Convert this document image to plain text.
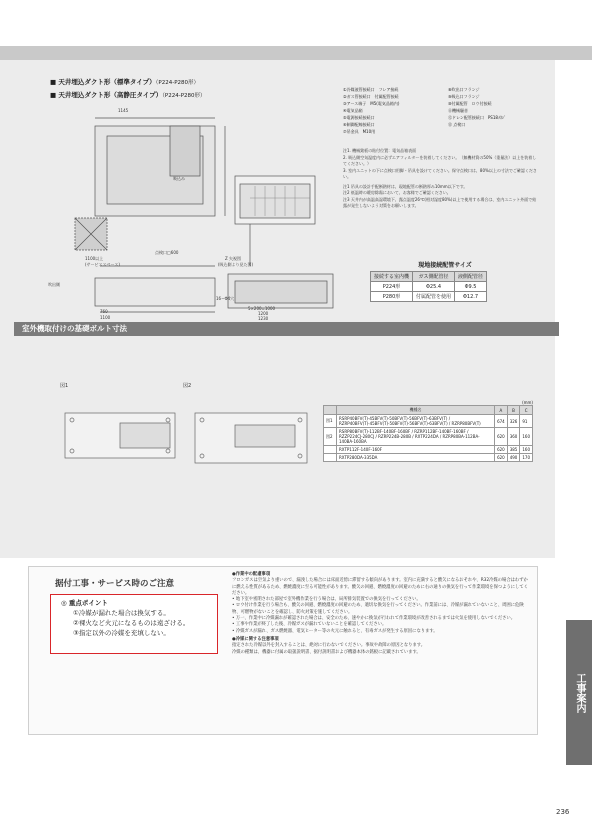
■ 天井埋込ダクト形（標準タイプ）（P224-P280形）
■ 天井埋込ダクト形（高静圧タイプ）（P224-P280形）
1145
1100以上
(サービススペース)
点検口□600
Z 矢視図
(吸込側より見た図)
吸込み
吹出側
5×200=1000
1200
1230
760
1100
16−Φ4穴
①冷媒液管接続口　フレア接続	⑧吹出口フランジ
②ガス管接続口　付属配管接続	⑨吸込口フランジ
③アース端子　M5(電気品箱内)	⑩付属配管　ロウ付接続
④電気品箱	⑪機械騒音
⑤電源接続接続口	⑫ドレン配管接続口　PS18ﾒﾈｼﾞ
⑥制御配線接続口	⑬ 点検口
⑦吊金具　M10用

注1. 機械銘板の貼付位置：電気品箱表面

2. 吸込側空気温度内に必ずエアフィルターを装着してください。（無機材質の50%（重量法）以上を装着してください。）

3. 室内ユニットの下に点検口用脚・吊具を設けてください。保守点検口は、80%以上の寸法でご確認ください。

注1 吊具の設計手配断熱材は、現地配管の断熱厚み10mm以下です。

注2 低温時の暖房除霜において、お客様でご確認ください。

注3 天井内が高温高湿環境下、露点温度26℃(相対湿度80%)以上で使用する場合は、室内ユニット外面で結露が発生しないよう対策をお願いします。

現地接続配管サイズ
接続する室内機	ガス側配管径	液側配管径
P224形	Φ25.4	Φ9.5
P280形	付属配管を使用	Φ12.7
室外機取付けの基礎ボルト寸法
図1	図2
(mm)
	機種名	A	B	C
図1	RSRP40BFV(T)-45BFV(T)-50BFV(T)-56BFV(T)-63BFV(T) / RZRP40BFV(T)-45BFV(T)-50BFV(T)-56BFV(T)-63BFV(T) / RZRP80BFV(T)	674	326	91
図2	RSRP80BFV(T)-112BF-140BF-160BF / RZRP112BF-140BF-160BF / RZZP224CJ-280CJ / RZRP224B-280B / RXTP224DA / RZRP80BA-112BA-140BA-160BA	620	360	160
	RXTP112F-140F-160F	620	385	160
	RXTP280DA-335DA	620	490	170
据付工事・サービス時のご注意
◎ 重点ポイント
①冷媒が漏れた場合は換気する。
②裸火など火元になるものは遠ざける。
③指定以外の冷媒を充填しない。

●作業中の配慮事項

フロンガスは空気より重いので、漏洩した場合には床面近傍に滞留する傾向があります。室内に充満すると酸欠になるおそれや、R32冷媒の場合はわずかに燃える性質があるため、燃焼濃度に至る可能性があります。酸欠の回避、燃焼濃度の回避のために右の通りの換気を行って作業環境を保つようにしてください。

• 地下室や密閉された部屋で室外機作業を行う場合は、局所排気装置での換気を行ってください。

• ロウ付け作業を行う場合も、酸欠の回避、燃焼濃度の回避のため、適切な換気を行ってください。作業前には、冷媒が漏れていないこと、周囲に危険物、可燃物がないことを確認し、防火対策を施してください。

• 万一、作業中に冷媒漏れが確認された場合は、安全のため、速やかに換気が行われて作業環境が改善されるまでは火気を使用しないでください。

• 工事や作業が終了した後、冷媒ガスが漏れていないことを確認してください。

• 冷媒ガスが漏れ、ガス燃焼器、電気ヒーター等の火元に触れると、有毒ガスが発生する原因になります。

●冷媒に関する注意事項

指定された冷媒以外を封入することは、絶対に行わないでください。事故や故障の原因となります。

冷媒の種類は、機器に付属の取扱説明書、据付説明書および機器本体の銘板に記載されています。

工事案内
236
